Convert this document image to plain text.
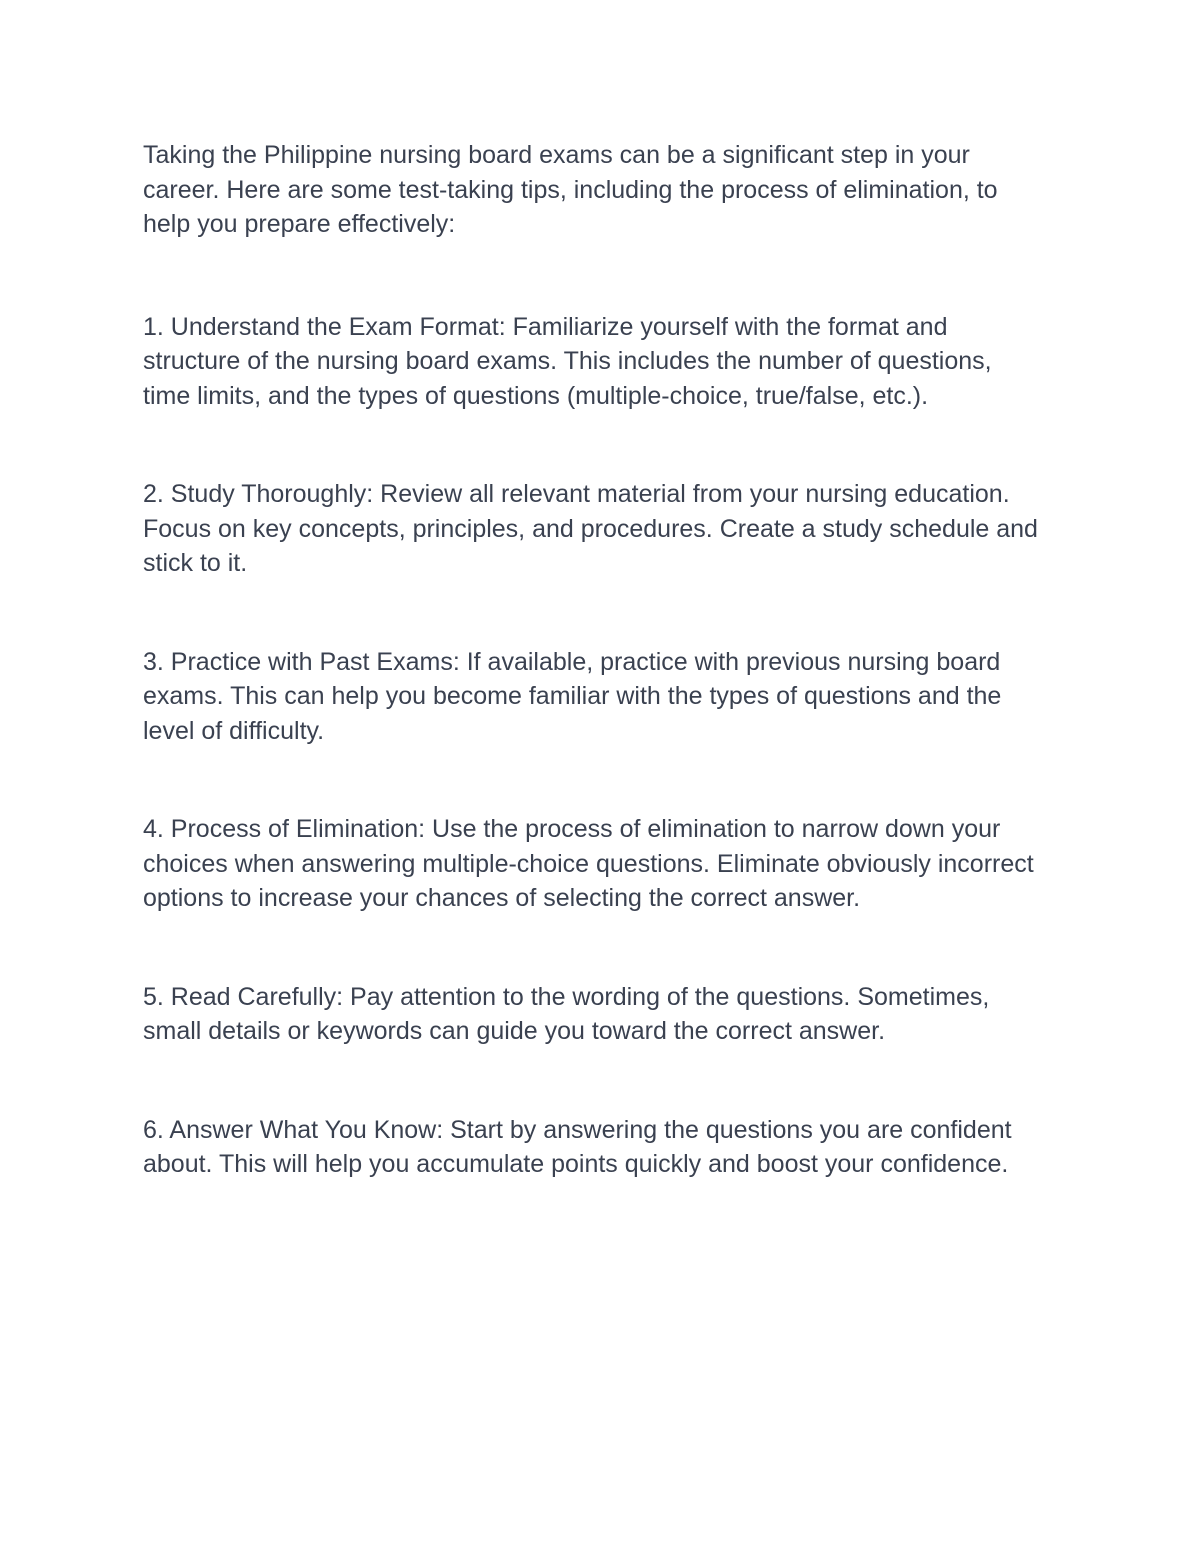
Taking the Philippine nursing board exams can be a significant step in your career. Here are some test-taking tips, including the process of elimination, to help you prepare effectively:

1. Understand the Exam Format: Familiarize yourself with the format and structure of the nursing board exams. This includes the number of questions, time limits, and the types of questions (multiple-choice, true/false, etc.).

2. Study Thoroughly: Review all relevant material from your nursing education. Focus on key concepts, principles, and procedures. Create a study schedule and stick to it.

3. Practice with Past Exams: If available, practice with previous nursing board exams. This can help you become familiar with the types of questions and the level of difficulty.

4. Process of Elimination: Use the process of elimination to narrow down your choices when answering multiple-choice questions. Eliminate obviously incorrect options to increase your chances of selecting the correct answer.

5. Read Carefully: Pay attention to the wording of the questions. Sometimes, small details or keywords can guide you toward the correct answer.

6. Answer What You Know: Start by answering the questions you are confident about. This will help you accumulate points quickly and boost your confidence.
